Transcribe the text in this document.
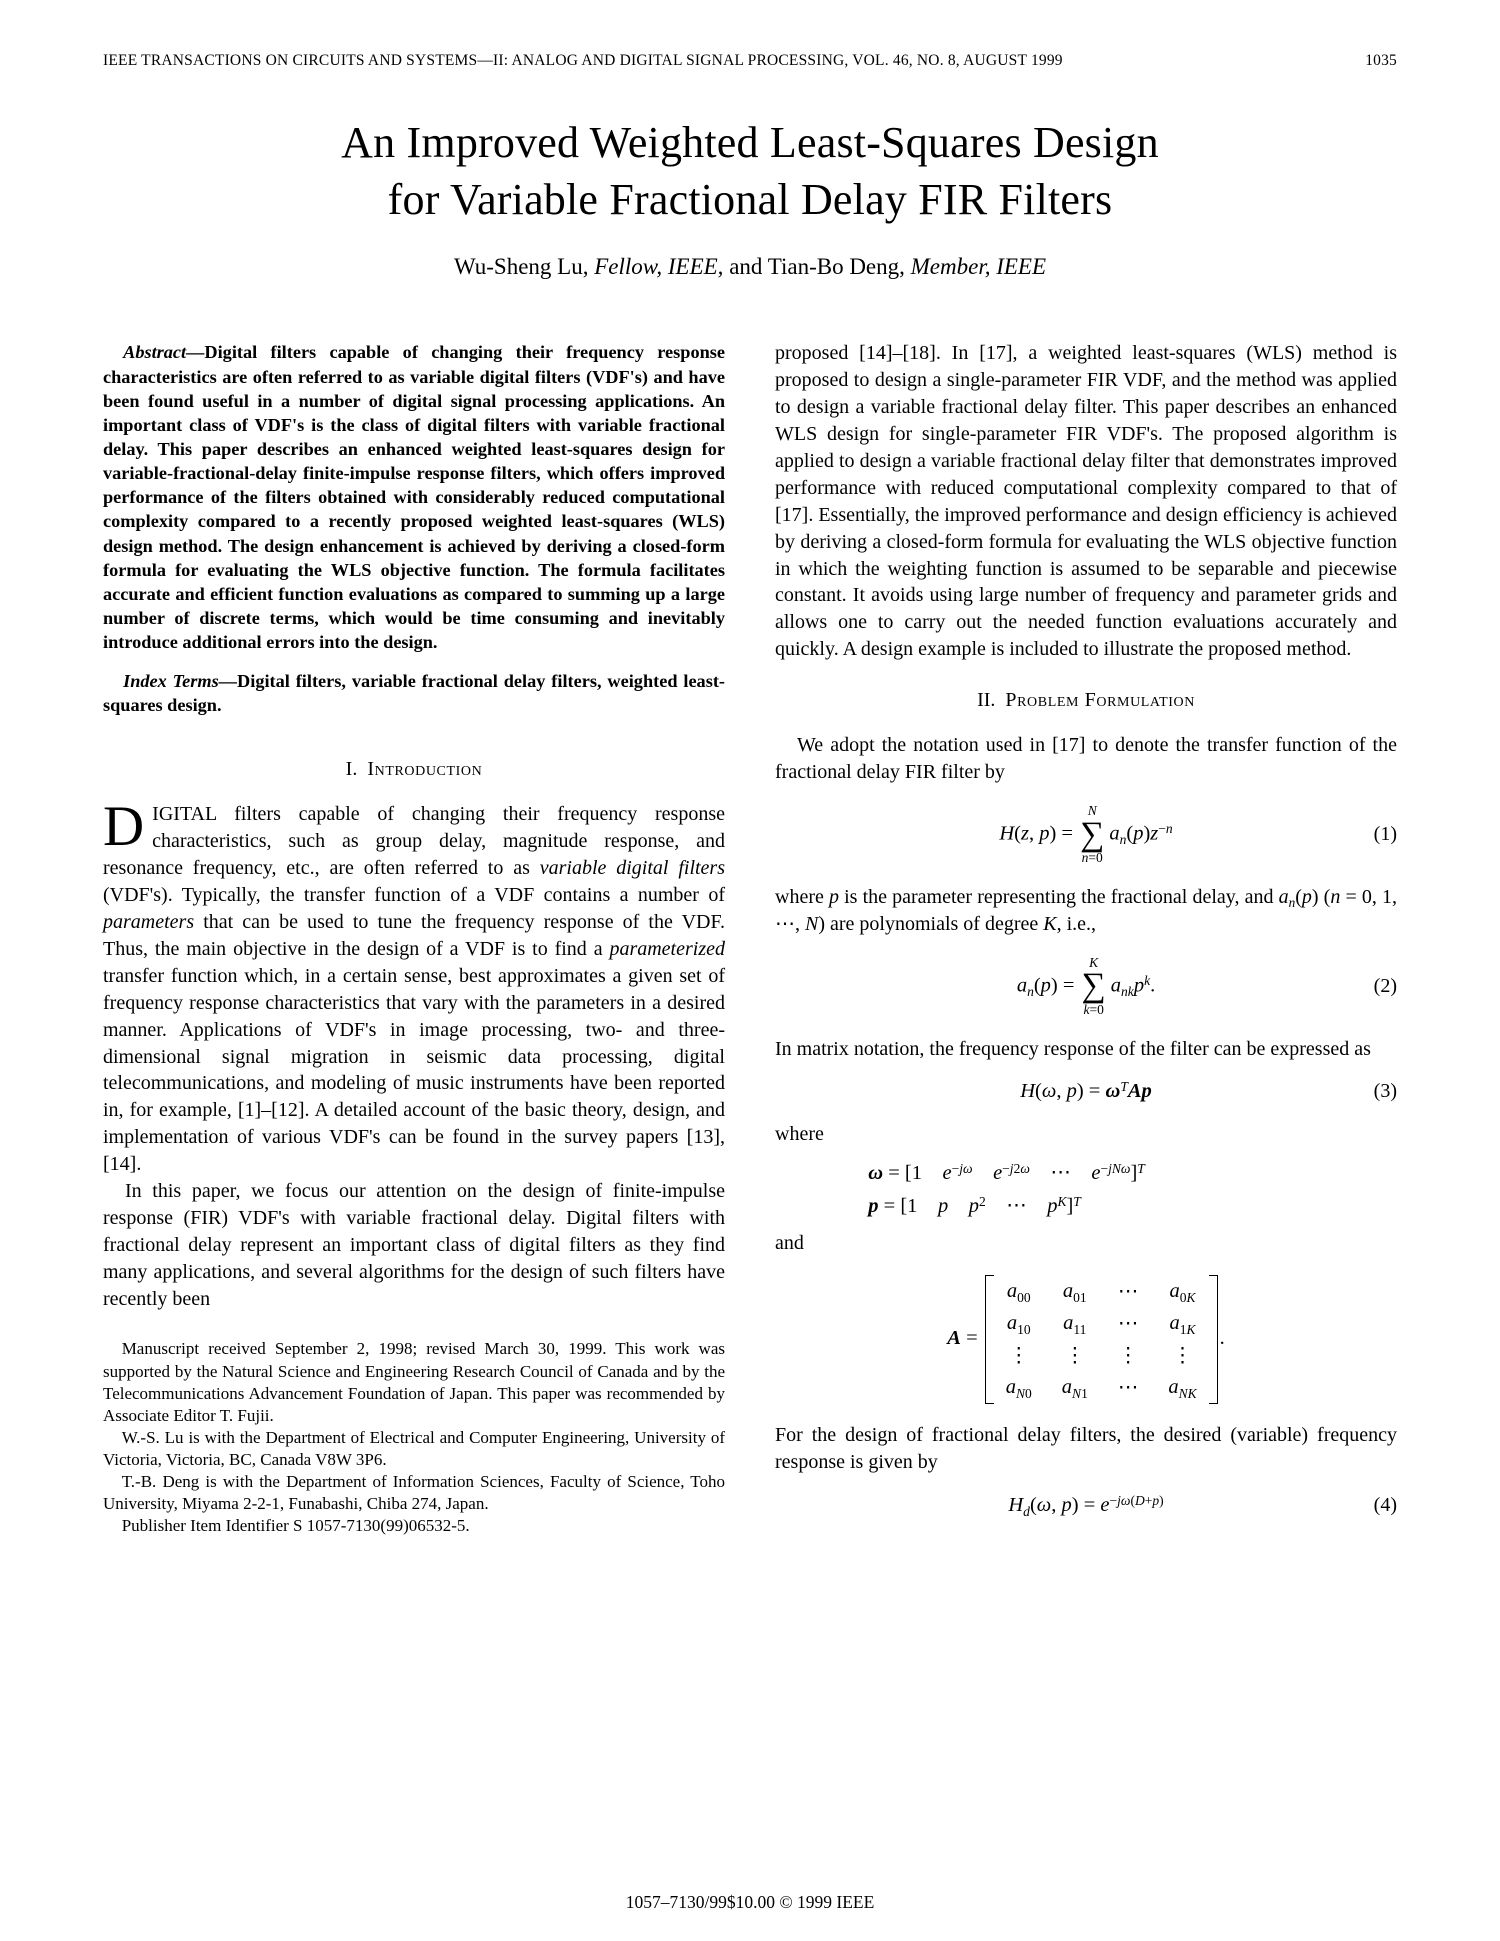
IEEE TRANSACTIONS ON CIRCUITS AND SYSTEMS—II: ANALOG AND DIGITAL SIGNAL PROCESSING, VOL. 46, NO. 8, AUGUST 1999	1035
An Improved Weighted Least-Squares Design
for Variable Fractional Delay FIR Filters
Wu-Sheng Lu, Fellow, IEEE, and Tian-Bo Deng, Member, IEEE

Abstract—Digital filters capable of changing their frequency response characteristics are often referred to as variable digital filters (VDF's) and have been found useful in a number of digital signal processing applications. An important class of VDF's is the class of digital filters with variable fractional delay. This paper describes an enhanced weighted least-squares design for variable-fractional-delay finite-impulse response filters, which offers improved performance of the filters obtained with considerably reduced computational complexity compared to a recently proposed weighted least-squares (WLS) design method. The design enhancement is achieved by deriving a closed-form formula for evaluating the WLS objective function. The formula facilitates accurate and efficient function evaluations as compared to summing up a large number of discrete terms, which would be time consuming and inevitably introduce additional errors into the design.

Index Terms—Digital filters, variable fractional delay filters, weighted least-squares design.

I. Introduction

DIGITAL filters capable of changing their frequency response characteristics, such as group delay, magnitude response, and resonance frequency, etc., are often referred to as variable digital filters (VDF's). Typically, the transfer function of a VDF contains a number of parameters that can be used to tune the frequency response of the VDF. Thus, the main objective in the design of a VDF is to find a parameterized transfer function which, in a certain sense, best approximates a given set of frequency response characteristics that vary with the parameters in a desired manner. Applications of VDF's in image processing, two- and three-dimensional signal migration in seismic data processing, digital telecommunications, and modeling of music instruments have been reported in, for example, [1]–[12]. A detailed account of the basic theory, design, and implementation of various VDF's can be found in the survey papers [13], [14].

In this paper, we focus our attention on the design of finite-impulse response (FIR) VDF's with variable fractional delay. Digital filters with fractional delay represent an important class of digital filters as they find many applications, and several algorithms for the design of such filters have recently been

Manuscript received September 2, 1998; revised March 30, 1999. This work was supported by the Natural Science and Engineering Research Council of Canada and by the Telecommunications Advancement Foundation of Japan. This paper was recommended by Associate Editor T. Fujii.

W.-S. Lu is with the Department of Electrical and Computer Engineering, University of Victoria, Victoria, BC, Canada V8W 3P6.

T.-B. Deng is with the Department of Information Sciences, Faculty of Science, Toho University, Miyama 2-2-1, Funabashi, Chiba 274, Japan.

Publisher Item Identifier S 1057-7130(99)06532-5.

proposed [14]–[18]. In [17], a weighted least-squares (WLS) method is proposed to design a single-parameter FIR VDF, and the method was applied to design a variable fractional delay filter. This paper describes an enhanced WLS design for single-parameter FIR VDF's. The proposed algorithm is applied to design a variable fractional delay filter that demonstrates improved performance with reduced computational complexity compared to that of [17]. Essentially, the improved performance and design efficiency is achieved by deriving a closed-form formula for evaluating the WLS objective function in which the weighting function is assumed to be separable and piecewise constant. It avoids using large number of frequency and parameter grids and allows one to carry out the needed function evaluations accurately and quickly. A design example is included to illustrate the proposed method.

II. Problem Formulation

We adopt the notation used in [17] to denote the transfer function of the fractional delay FIR filter by

H(z, p) =
N
∑
n=0
$a_n(p)z^{-n}$	(1)

where p is the parameter representing the fractional delay, and $a_n(p) (n = 0$, 1, ⋯, N) are polynomials of degree K, i.e.,

$a_n(p)$ =
K
∑
k=0
$a_{nk}p^k$.	(2)

In matrix notation, the frequency response of the filter can be expressed as

H(ω, $p) = \omega^TAp$	(3)

where

ω = [1 $e^{-j\omega}$  $e^{-j2\omega}$ ⋯ $e^{-jN\omega}]^T$
p = [1 p  $p^2$ ⋯ $p^K]^T$

and

A =
$a_{00}$ $a_{01}$ ⋯ $a_{0K}$
$a_{10}$ $a_{11}$ ⋯ $a_{1K}$
⋮ ⋮ ⋮ ⋮
$a_{N0}$ $a_{N1}$ ⋯ $a_{NK}$
.

For the design of fractional delay filters, the desired (variable) frequency response is given by

$H_d(\omega$, $p) = e^{-j\omega(D+p)}$	(4)
1057–7130/99$10.00 © 1999 IEEE
